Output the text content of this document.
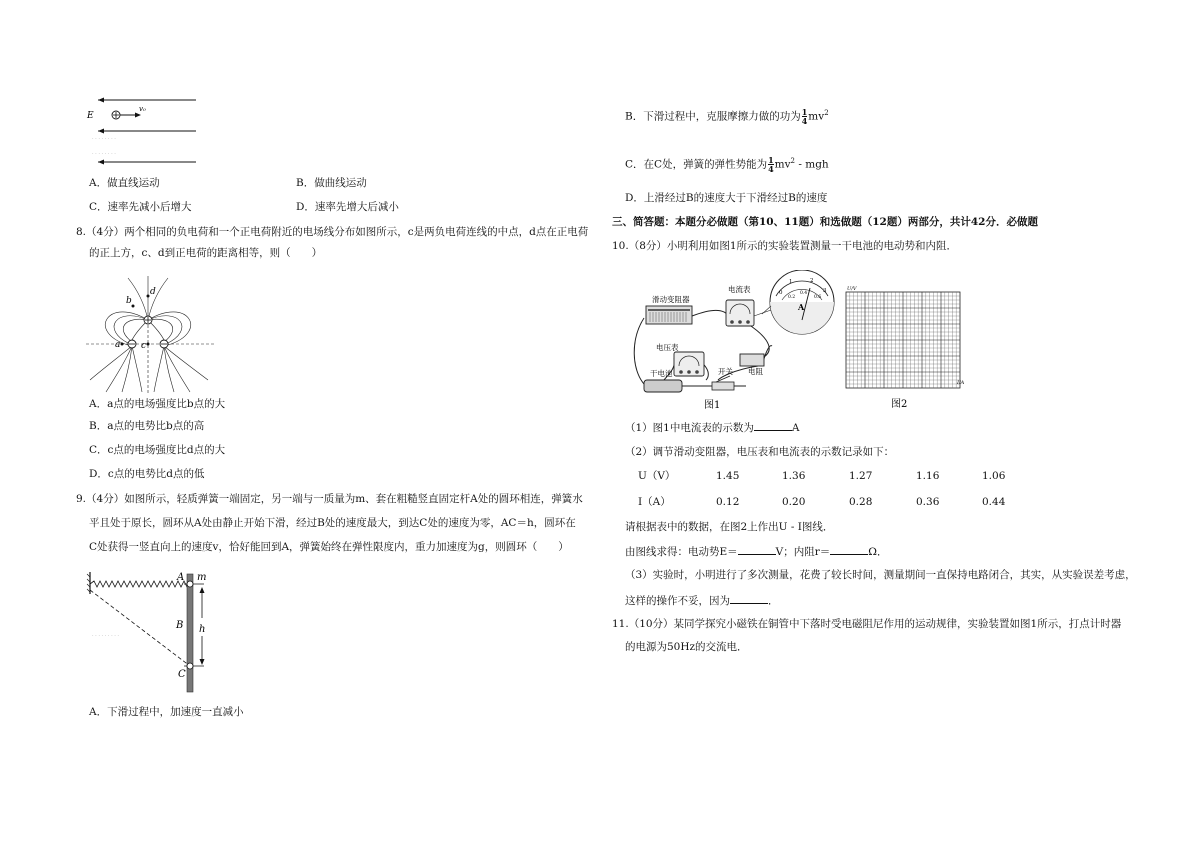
E
v₀
. . . . . . . .
. . . . . . . .
A．做直线运动	B．做曲线运动
C．速率先减小后增大	D．速率先增大后减小
8.（4分）两个相同的负电荷和一个正电荷附近的电场线分布如图所示，c是两负电荷连线的中点，d点在正电荷
的正上方，c、d到正电荷的距离相等，则（　　）
d
b
a c
A．a点的电场强度比b点的大
B．a点的电势比b点的高
C．c点的电场强度比d点的大
D．c点的电势比d点的低
9.（4分）如图所示，轻质弹簧一端固定，另一端与一质量为m、套在粗糙竖直固定杆A处的圆环相连，弹簧水
平且处于原长，圆环从A处由静止开始下滑，经过B处的速度最大，到达C处的速度为零，AC＝h，圆环在
C处获得一竖直向上的速度v，恰好能回到A，弹簧始终在弹性限度内，重力加速度为g，则圆环（　　）
A m
B h
C
. . . . . . . . .
A．下滑过程中，加速度一直减小
B．下滑过程中，克服摩擦力做的功为 $\frac{1}{4} mv^2$
C．在C处，弹簧的弹性势能为 $\frac{1}{4} mv^2$ - mgh
D．上滑经过B的速度大于下滑经过B的速度
三、简答题：本题分必做题（第10、11题）和选做题（12题）两部分，共计42分．必做题
10.（8分）小明利用如图1所示的实验装置测量一干电池的电动势和内阻．
滑动变阻器
电流表	0
1	2
3
0.2
0.4
0.6
A
电压表
干电池	开关 电阻
图1
U/V
I/A
图2
（1）图1中电流表的示数为	A
（2）调节滑动变阻器，电压表和电流表的示数记录如下：
U（V）	1.45	1.36	1.27	1.16	1.06
I（A）	0.12	0.20	0.28	0.36	0.44
请根据表中的数据，在图2上作出U - I图线．
由图线求得：电动势E＝	V；内阻r＝	Ω．
（3）实验时，小明进行了多次测量，花费了较长时间，测量期间一直保持电路闭合，其实，从实验误差考虑，
这样的操作不妥，因为	．
11.（10分）某同学探究小磁铁在铜管中下落时受电磁阻尼作用的运动规律，实验装置如图1所示，打点计时器
的电源为50Hz的交流电．
